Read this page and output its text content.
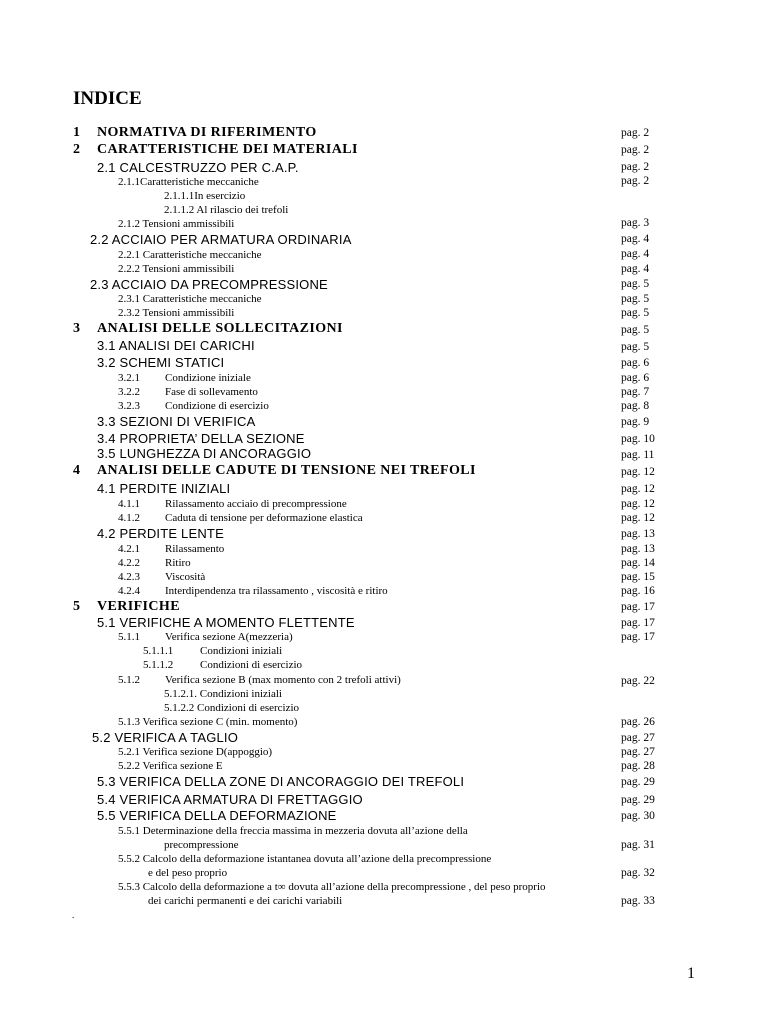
INDICE
1 NORMATIVA DI RIFERIMENTO	pag. 2
2 CARATTERISTICHE DEI MATERIALI	pag. 2
2.1 CALCESTRUZZO PER C.A.P.	pag. 2
2.1.1Caratteristiche meccaniche	pag. 2
2.1.1.1In esercizio
2.1.1.2 Al rilascio dei trefoli
2.1.2 Tensioni ammissibili	pag. 3
2.2 ACCIAIO PER ARMATURA ORDINARIA	pag. 4
2.2.1 Caratteristiche meccaniche	pag. 4
2.2.2 Tensioni ammissibili	pag. 4
2.3 ACCIAIO DA PRECOMPRESSIONE	pag. 5
2.3.1 Caratteristiche meccaniche	pag. 5
2.3.2 Tensioni ammissibili	pag. 5
3 ANALISI DELLE SOLLECITAZIONI	pag. 5
3.1 ANALISI DEI CARICHI	pag. 5
3.2 SCHEMI STATICI	pag. 6
3.2.1 Condizione iniziale	pag. 6
3.2.2 Fase di sollevamento	pag. 7
3.2.3 Condizione di esercizio	pag. 8
3.3 SEZIONI DI VERIFICA	pag. 9
3.4 PROPRIETA’ DELLA SEZIONE	pag. 10
3.5 LUNGHEZZA DI ANCORAGGIO	pag. 11
4 ANALISI DELLE CADUTE DI TENSIONE NEI TREFOLI	pag. 12
4.1 PERDITE INIZIALI	pag. 12
4.1.1 Rilassamento acciaio di precompressione	pag. 12
4.1.2 Caduta di tensione per deformazione elastica	pag. 12
4.2 PERDITE LENTE	pag. 13
4.2.1 Rilassamento	pag. 13
4.2.2 Ritiro	pag. 14
4.2.3 Viscosità	pag. 15
4.2.4 Interdipendenza tra rilassamento , viscosità e ritiro	pag. 16
5 VERIFICHE	pag. 17
5.1 VERIFICHE A MOMENTO FLETTENTE	pag. 17
5.1.1 Verifica sezione A(mezzeria)	pag. 17
5.1.1.1 Condizioni iniziali
5.1.1.2 Condizioni di esercizio
5.1.2 Verifica sezione B (max momento con 2 trefoli attivi)	pag. 22
5.1.2.1. Condizioni iniziali
5.1.2.2 Condizioni di esercizio
5.1.3 Verifica sezione C (min. momento)	pag. 26
5.2 VERIFICA A TAGLIO	pag. 27
5.2.1 Verifica sezione D(appoggio)	pag. 27
5.2.2 Verifica sezione E	pag. 28
5.3 VERIFICA DELLA ZONE DI ANCORAGGIO DEI TREFOLI	pag. 29
5.4 VERIFICA ARMATURA DI FRETTAGGIO	pag. 29
5.5 VERIFICA DELLA DEFORMAZIONE	pag. 30
5.5.1 Determinazione della freccia massima in mezzeria dovuta all’azione della
precompressione	pag. 31
5.5.2 Calcolo della deformazione istantanea dovuta all’azione della precompressione
e del peso proprio	pag. 32
5.5.3 Calcolo della deformazione a t∞ dovuta all’azione della precompressione , del peso proprio
dei carichi permanenti e dei carichi variabili	pag. 33
.
1
